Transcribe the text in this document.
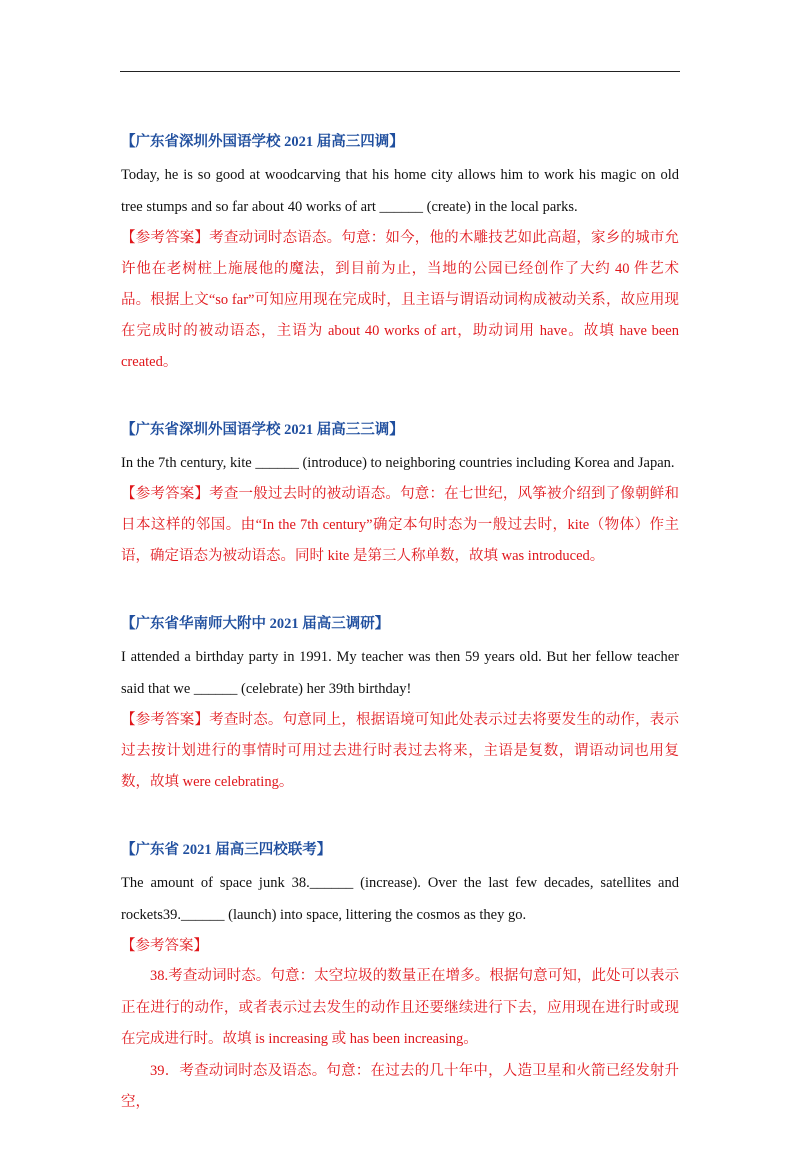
【广东省深圳外国语学校 2021 届高三四调】
Today, he is so good at woodcarving that his home city allows him to work his magic on old tree stumps and so far about 40 works of art ______ (create) in the local parks.
【参考答案】考查动词时态语态。句意：如今，他的木雕技艺如此高超，家乡的城市允许他在老树桩上施展他的魔法，到目前为止，当地的公园已经创作了大约 40 件艺术品。根据上文“so far”可知应用现在完成时，且主语与谓语动词构成被动关系，故应用现在完成时的被动语态，主语为 about 40 works of art，助动词用 have。故填 have been created。
【广东省深圳外国语学校 2021 届高三三调】
In the 7th century, kite ______ (introduce) to neighboring countries including Korea and Japan.
【参考答案】考查一般过去时的被动语态。句意：在七世纪，风筝被介绍到了像朝鲜和日本这样的邻国。由“In the 7th century”确定本句时态为一般过去时，kite（物体）作主语，确定语态为被动语态。同时 kite 是第三人称单数，故填 was introduced。
【广东省华南师大附中 2021 届高三调研】
I attended a birthday party in 1991. My teacher was then 59 years old. But her fellow teacher said that we ______ (celebrate) her 39th birthday!
【参考答案】考查时态。句意同上，根据语境可知此处表示过去将要发生的动作，表示过去按计划进行的事情时可用过去进行时表过去将来，主语是复数，谓语动词也用复数，故填 were celebrating。
【广东省 2021 届高三四校联考】
The amount of space junk 38.______ (increase). Over the last few decades, satellites and rockets39.______ (launch) into space, littering the cosmos as they go.
【参考答案】
38.考查动词时态。句意：太空垃圾的数量正在增多。根据句意可知，此处可以表示正在进行的动作，或者表示过去发生的动作且还要继续进行下去，应用现在进行时或现在完成进行时。故填 is increasing 或 has been increasing。
39．考查动词时态及语态。句意：在过去的几十年中，人造卫星和火箭已经发射升空，
